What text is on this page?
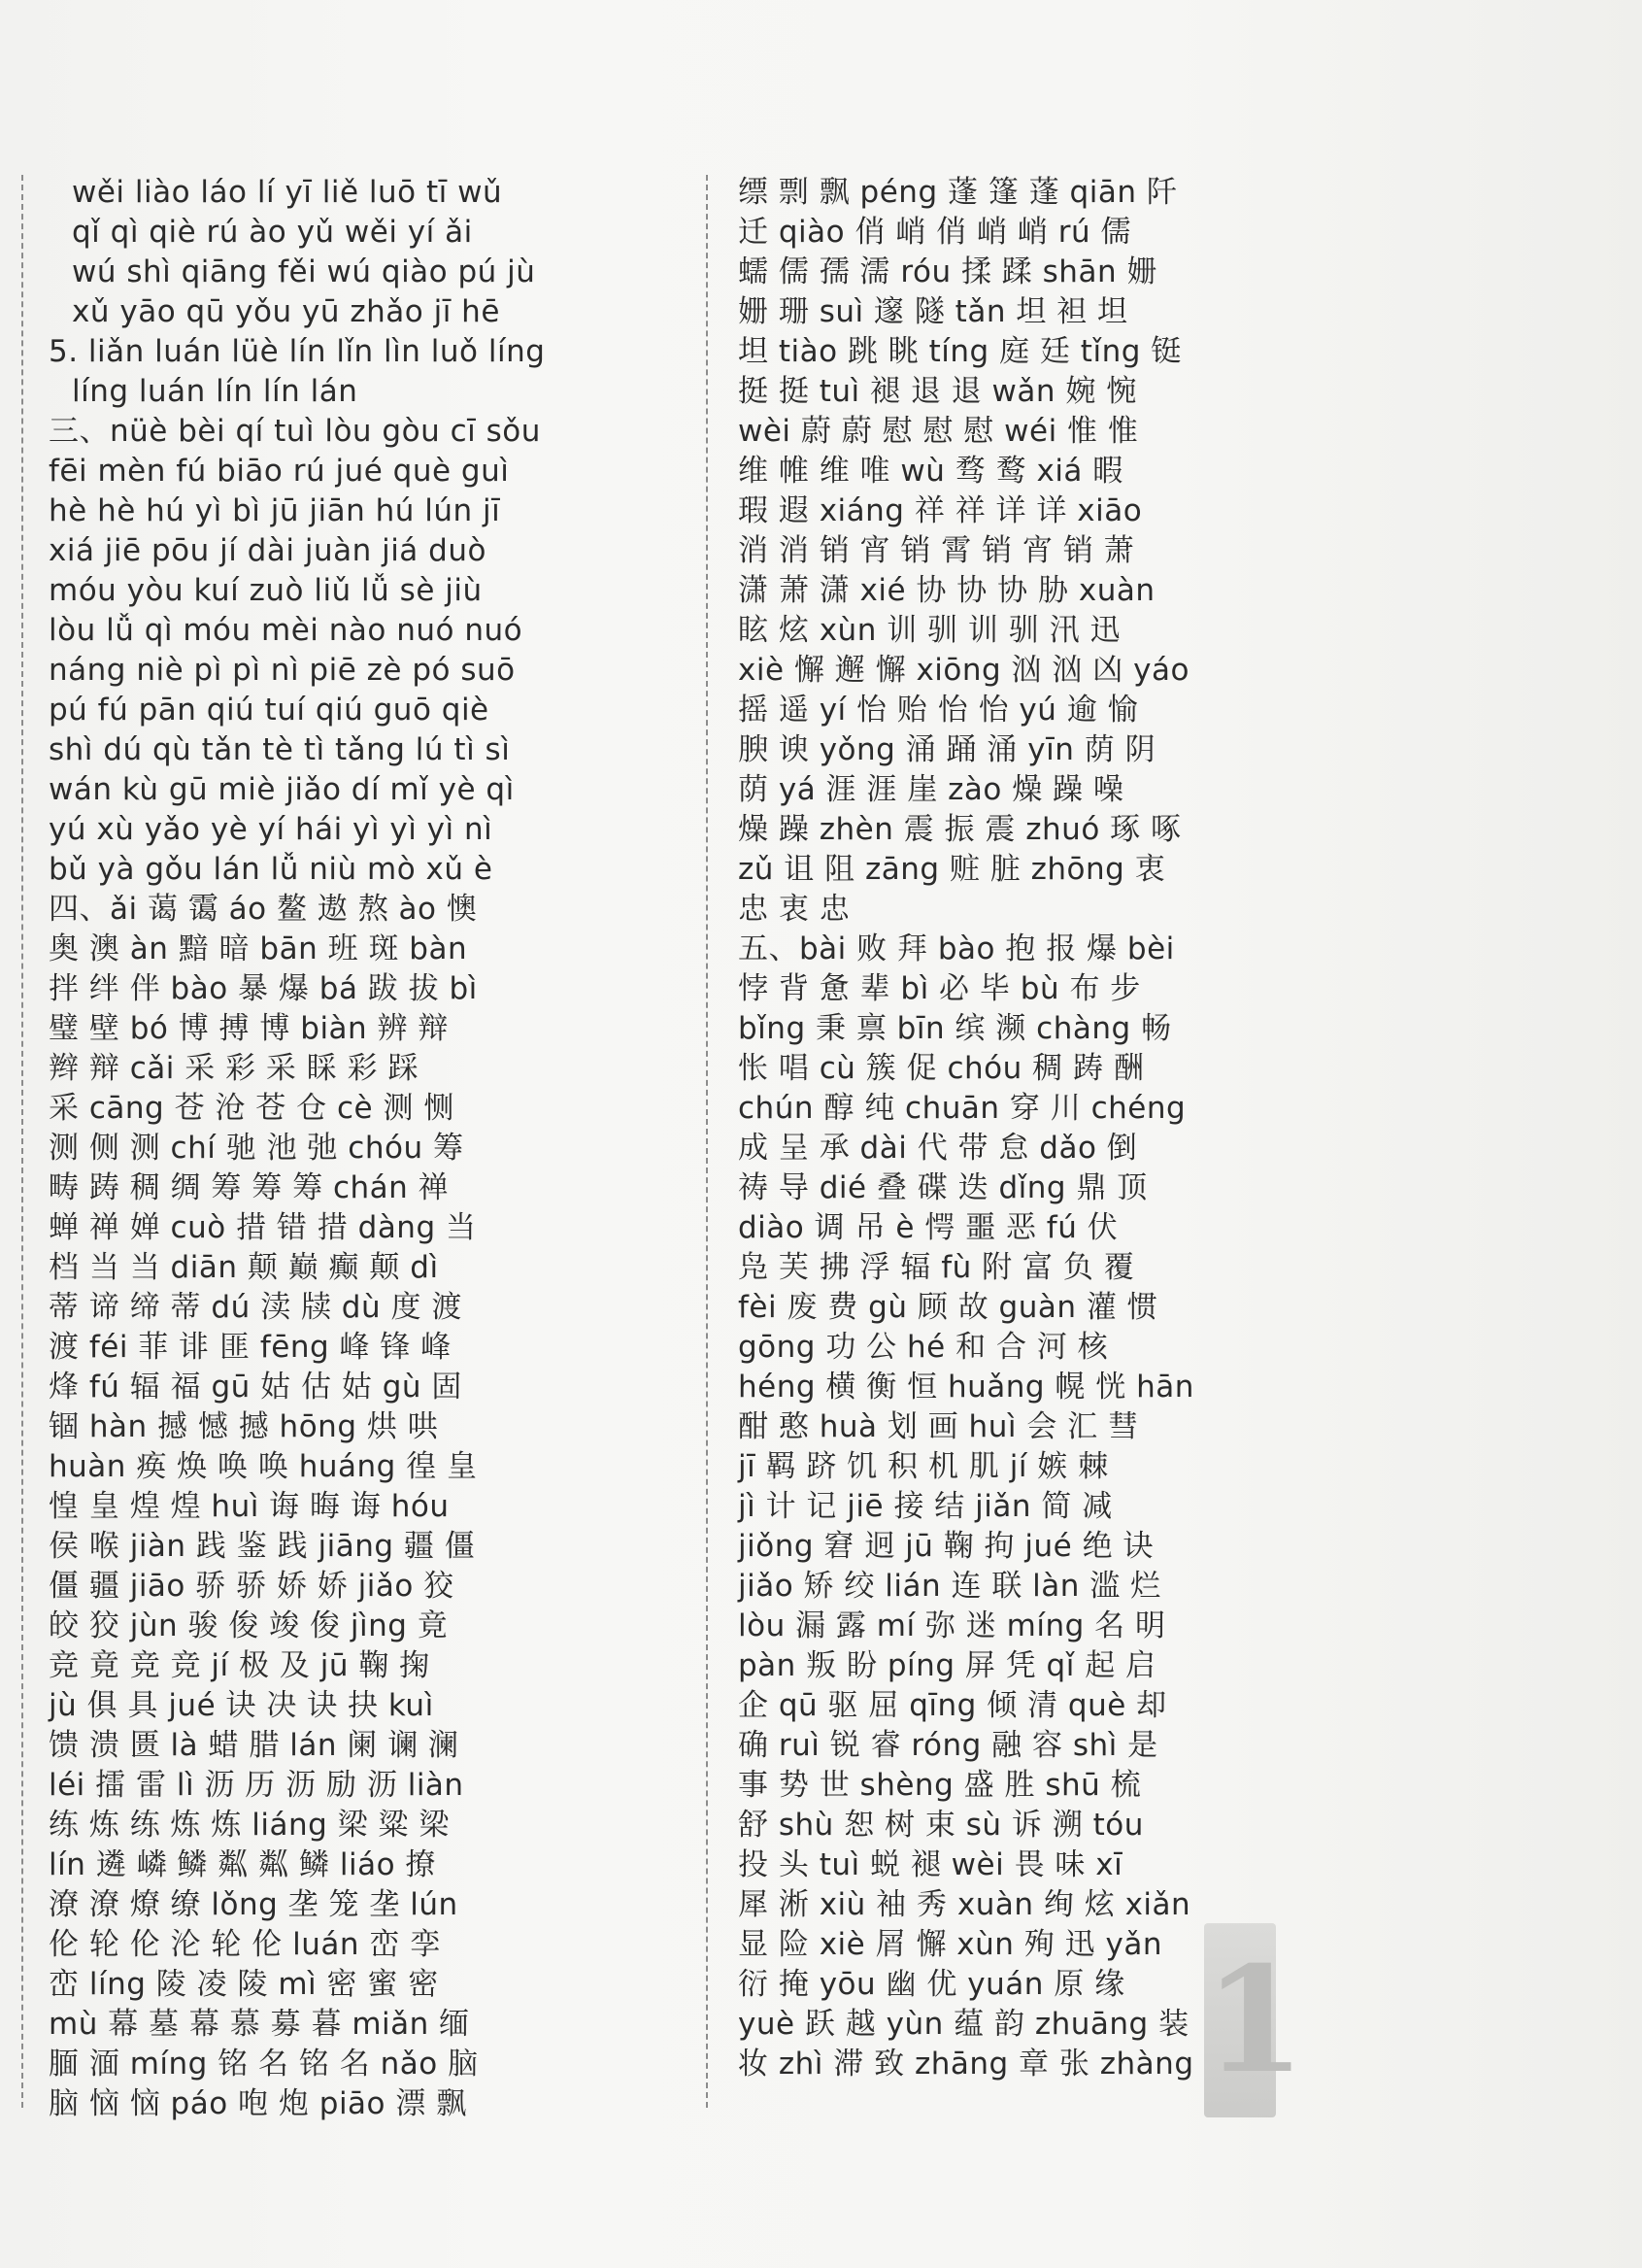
wěi liào láo lí yī liě luō tī wǔ
qǐ qì qiè rú ào yǔ wěi yí ǎi
wú shì qiāng fěi wú qiào pú jù
xǔ yāo qū yǒu yū zhǎo jī hē
5. liǎn luán lüè lín lǐn lìn luǒ líng
líng luán lín lín lán
三、nüè bèi qí tuì lòu gòu cī sǒu
fēi mèn fú biāo rú jué què guì
hè hè hú yì bì jū jiān hú lún jī
xiá jiē pōu jí dài juàn jiá duò
móu yòu kuí zuò liǔ lǚ sè jiù
lòu lǚ qì móu mèi nào nuó nuó
náng niè pì pì nì piē zè pó suō
pú fú pān qiú tuí qiú guō qiè
shì dú qù tǎn tè tì tǎng lú tì sì
wán kù gū miè jiǎo dí mǐ yè qì
yú xù yǎo yè yí hái yì yì yì nì
bǔ yà gǒu lán lǚ niù mò xǔ è
四、ǎi 蔼 霭 áo 鳌 遨 熬 ào 懊
奥 澳 àn 黯 暗 bān 班 斑 bàn
拌 绊 伴 bào 暴 爆 bá 跋 拔 bì
璧 壁 bó 博 搏 博 biàn 辨 辩
辫 辩 cǎi 采 彩 采 睬 彩 踩
采 cāng 苍 沧 苍 仓 cè 测 恻
测 侧 测 chí 驰 池 弛 chóu 筹
畴 踌 稠 绸 筹 筹 筹 chán 禅
蝉 禅 婵 cuò 措 错 措 dàng 当
档 当 当 diān 颠 巅 癫 颠 dì
蒂 谛 缔 蒂 dú 渎 牍 dù 度 渡
渡 féi 菲 诽 匪 fēng 峰 锋 峰
烽 fú 辐 福 gū 姑 估 姑 gù 固
锢 hàn 撼 憾 撼 hōng 烘 哄
huàn 痪 焕 唤 唤 huáng 徨 皇
惶 皇 煌 煌 huì 诲 晦 诲 hóu
侯 喉 jiàn 践 鉴 践 jiāng 疆 僵
僵 疆 jiāo 骄 骄 娇 娇 jiǎo 狡
皎 狡 jùn 骏 俊 竣 俊 jìng 竟
竞 竟 竞 竞 jí 极 及 jū 鞠 掬
jù 俱 具 jué 诀 决 诀 抉 kuì
馈 溃 匮 là 蜡 腊 lán 阑 谰 澜
léi 擂 雷 lì 沥 历 沥 励 沥 liàn
练 炼 练 炼 炼 liáng 梁 粱 梁
lín 遴 嶙 鳞 粼 粼 鳞 liáo 撩
潦 潦 燎 缭 lǒng 垄 笼 垄 lún
伦 轮 伦 沦 轮 伦 luán 峦 孪
峦 líng 陵 凌 陵 mì 密 蜜 密
mù 幕 墓 幕 慕 募 暮 miǎn 缅
腼 湎 míng 铭 名 铭 名 nǎo 脑
脑 恼 恼 páo 咆 炮 piāo 漂 飘
缥 剽 飘 péng 蓬 篷 蓬 qiān 阡
迁 qiào 俏 峭 俏 峭 峭 rú 儒
蠕 儒 孺 濡 róu 揉 蹂 shān 姗
姗 珊 suì 邃 隧 tǎn 坦 袒 坦
坦 tiào 跳 眺 tíng 庭 廷 tǐng 铤
挺 挺 tuì 褪 退 退 wǎn 婉 惋
wèi 蔚 蔚 慰 慰 慰 wéi 惟 惟
维 帷 维 唯 wù 骛 鹜 xiá 暇
瑕 遐 xiáng 祥 祥 详 详 xiāo
消 消 销 宵 销 霄 销 宵 销 萧
潇 萧 潇 xié 协 协 协 胁 xuàn
眩 炫 xùn 训 驯 训 驯 汛 迅
xiè 懈 邂 懈 xiōng 汹 汹 凶 yáo
摇 遥 yí 怡 贻 怡 怡 yú 逾 愉
腴 谀 yǒng 涌 踊 涌 yīn 荫 阴
荫 yá 涯 涯 崖 zào 燥 躁 噪
燥 躁 zhèn 震 振 震 zhuó 琢 啄
zǔ 诅 阻 zāng 赃 脏 zhōng 衷
忠 衷 忠
五、bài 败 拜 bào 抱 报 爆 bèi
悖 背 惫 辈 bì 必 毕 bù 布 步
bǐng 秉 禀 bīn 缤 濒 chàng 畅
怅 唱 cù 簇 促 chóu 稠 踌 酬
chún 醇 纯 chuān 穿 川 chéng
成 呈 承 dài 代 带 怠 dǎo 倒
祷 导 dié 叠 碟 迭 dǐng 鼎 顶
diào 调 吊 è 愕 噩 恶 fú 伏
凫 芙 拂 浮 辐 fù 附 富 负 覆
fèi 废 费 gù 顾 故 guàn 灌 惯
gōng 功 公 hé 和 合 河 核
héng 横 衡 恒 huǎng 幌 恍 hān
酣 憨 huà 划 画 huì 会 汇 彗
jī 羁 跻 饥 积 机 肌 jí 嫉 棘
jì 计 记 jiē 接 结 jiǎn 简 减
jiǒng 窘 迥 jū 鞠 拘 jué 绝 诀
jiǎo 矫 绞 lián 连 联 làn 滥 烂
lòu 漏 露 mí 弥 迷 míng 名 明
pàn 叛 盼 píng 屏 凭 qǐ 起 启
企 qū 驱 屈 qīng 倾 清 què 却
确 ruì 锐 睿 róng 融 容 shì 是
事 势 世 shèng 盛 胜 shū 梳
舒 shù 恕 树 束 sù 诉 溯 tóu
投 头 tuì 蜕 褪 wèi 畏 味 xī
犀 淅 xiù 袖 秀 xuàn 绚 炫 xiǎn
显 险 xiè 屑 懈 xùn 殉 迅 yǎn
衍 掩 yōu 幽 优 yuán 原 缘
yuè 跃 越 yùn 蕴 韵 zhuāng 装
妆 zhì 滞 致 zhāng 章 张 zhàng 1
